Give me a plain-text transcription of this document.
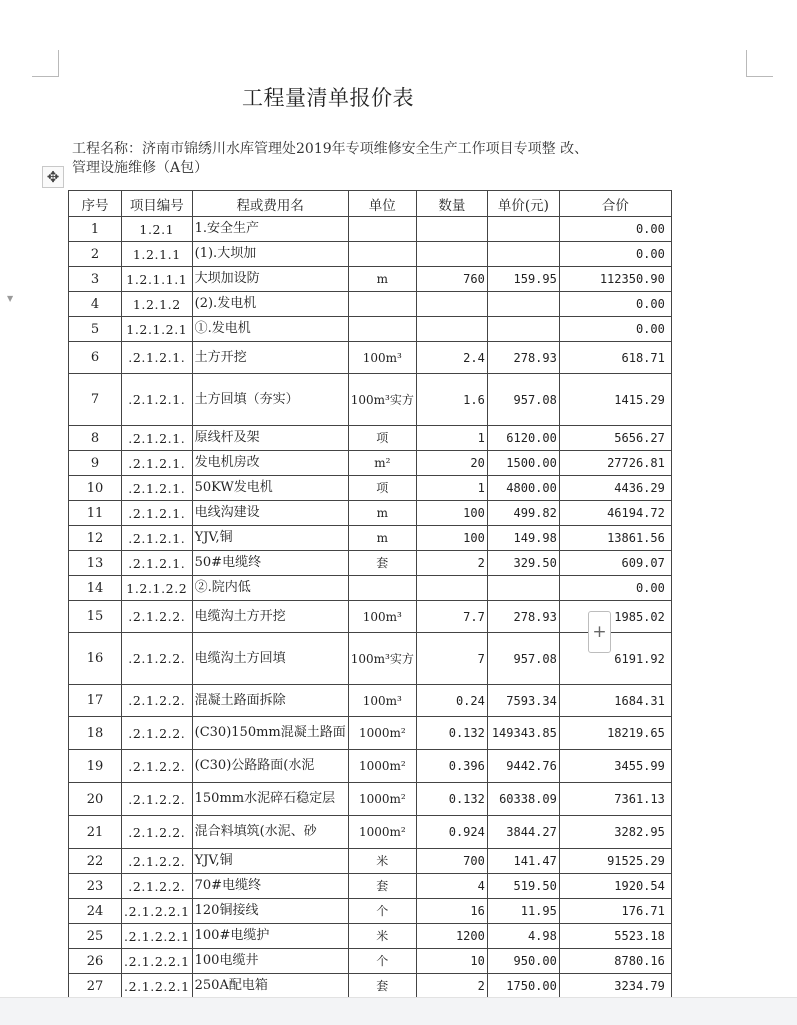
工程量清单报价表
工程名称：济南市锦绣川水库管理处2019年专项维修安全生产工作项目专项整 改、管理设施维修（A包）
✥
▼
序号	项目编号	程或费用名	单位	数量	单价(元)	合价
1	1.2.1	1.安全生产				0.00
2	1.2.1.1	(1).大坝加				0.00
3	1.2.1.1.1	大坝加设防	m	760	159.95	112350.90
4	1.2.1.2	(2).发电机				0.00
5	1.2.1.2.1	①.发电机				0.00
6	.2.1.2.1.	土方开挖	100m³	2.4	278.93	618.71
7	.2.1.2.1.	土方回填（夯实）	100m³实方	1.6	957.08	1415.29
8	.2.1.2.1.	原线杆及架	项	1	6120.00	5656.27
9	.2.1.2.1.	发电机房改	m²	20	1500.00	27726.81
10	.2.1.2.1.	50KW发电机	项	1	4800.00	4436.29
11	.2.1.2.1.	电线沟建设	m	100	499.82	46194.72
12	.2.1.2.1.	YJV,铜	m	100	149.98	13861.56
13	.2.1.2.1.	50#电缆终	套	2	329.50	609.07
14	1.2.1.2.2	②.院内低				0.00
15	.2.1.2.2.	电缆沟土方开挖	100m³	7.7	278.93	1985.02
16	.2.1.2.2.	电缆沟土方回填	100m³实方	7	957.08	6191.92
17	.2.1.2.2.	混凝土路面拆除	100m³	0.24	7593.34	1684.31
18	.2.1.2.2.	(C30)150mm混凝土路面	1000m²	0.132	149343.85	18219.65
19	.2.1.2.2.	(C30)公路路面(水泥	1000m²	0.396	9442.76	3455.99
20	.2.1.2.2.	150mm水泥碎石稳定层	1000m²	0.132	60338.09	7361.13
21	.2.1.2.2.	混合料填筑(水泥、砂	1000m²	0.924	3844.27	3282.95
22	.2.1.2.2.	YJV,铜	米	700	141.47	91525.29
23	.2.1.2.2.	70#电缆终	套	4	519.50	1920.54
24	.2.1.2.2.1	120铜接线	个	16	11.95	176.71
25	.2.1.2.2.1	100#电缆护	米	1200	4.98	5523.18
26	.2.1.2.2.1	100电缆井	个	10	950.00	8780.16
27	.2.1.2.2.1	250A配电箱	套	2	1750.00	3234.79
+
